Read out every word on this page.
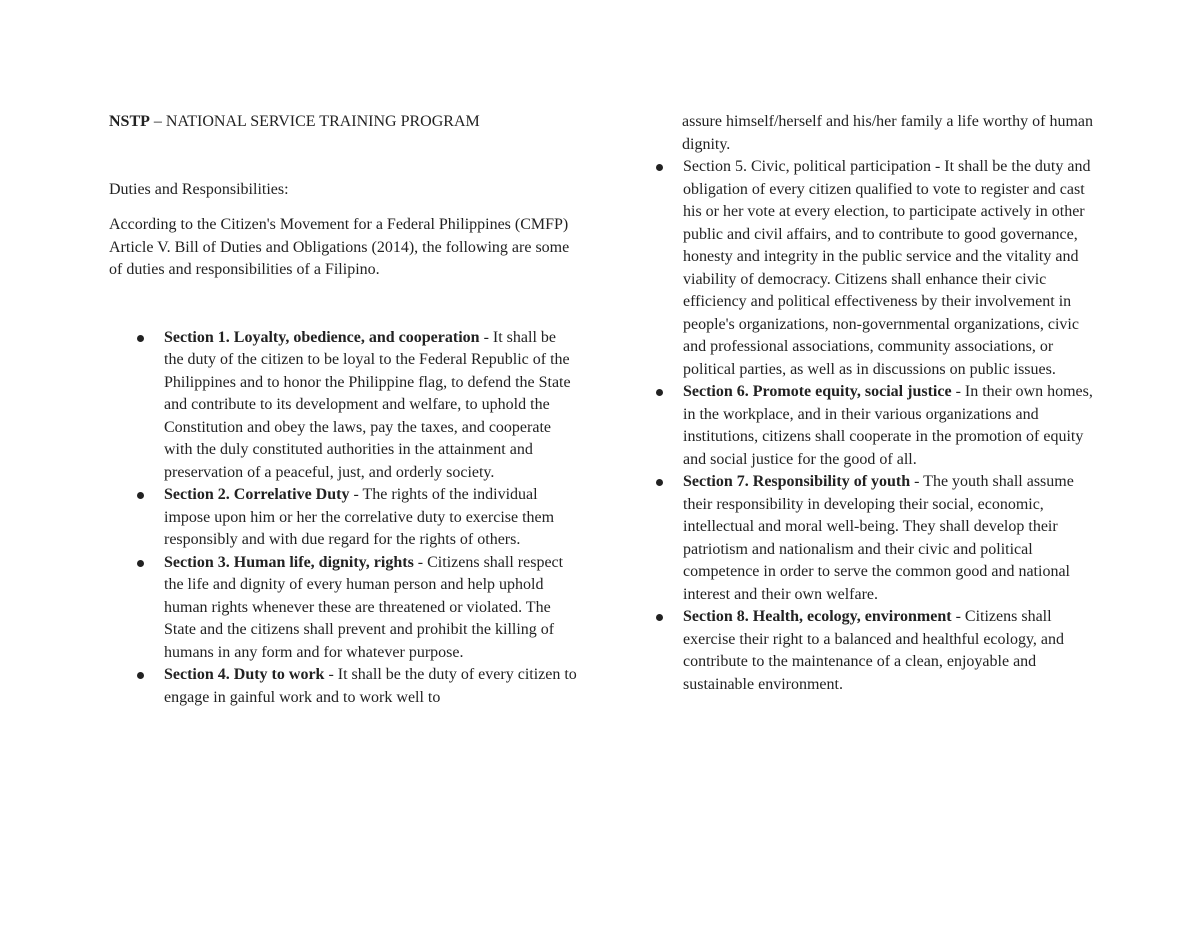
NSTP – NATIONAL SERVICE TRAINING PROGRAM

Duties and Responsibilities:

According to the Citizen's Movement for a Federal Philippines (CMFP) Article V. Bill of Duties and Obligations (2014), the following are some of duties and responsibilities of a Filipino.

Section 1. Loyalty, obedience, and cooperation - It shall be the duty of the citizen to be loyal to the Federal Republic of the Philippines and to honor the Philippine flag, to defend the State and contribute to its development and welfare, to uphold the Constitution and obey the laws, pay the taxes, and cooperate with the duly constituted authorities in the attainment and preservation of a peaceful, just, and orderly society.
Section 2. Correlative Duty - The rights of the individual impose upon him or her the correlative duty to exercise them responsibly and with due regard for the rights of others.
Section 3. Human life, dignity, rights - Citizens shall respect the life and dignity of every human person and help uphold human rights whenever these are threatened or violated. The State and the citizens shall prevent and prohibit the killing of humans in any form and for whatever purpose.
Section 4. Duty to work - It shall be the duty of every citizen to engage in gainful work and to work well to
assure himself/herself and his/her family a life worthy of human dignity.
Section 5. Civic, political participation - It shall be the duty and obligation of every citizen qualified to vote to register and cast his or her vote at every election, to participate actively in other public and civil affairs, and to contribute to good governance, honesty and integrity in the public service and the vitality and viability of democracy. Citizens shall enhance their civic efficiency and political effectiveness by their involvement in people's organizations, non-governmental organizations, civic and professional associations, community associations, or political parties, as well as in discussions on public issues.
Section 6. Promote equity, social justice - In their own homes, in the workplace, and in their various organizations and institutions, citizens shall cooperate in the promotion of equity and social justice for the good of all.
Section 7. Responsibility of youth - The youth shall assume their responsibility in developing their social, economic, intellectual and moral well-being. They shall develop their patriotism and nationalism and their civic and political competence in order to serve the common good and national interest and their own welfare.
Section 8. Health, ecology, environment - Citizens shall exercise their right to a balanced and healthful ecology, and contribute to the maintenance of a clean, enjoyable and sustainable environment.
